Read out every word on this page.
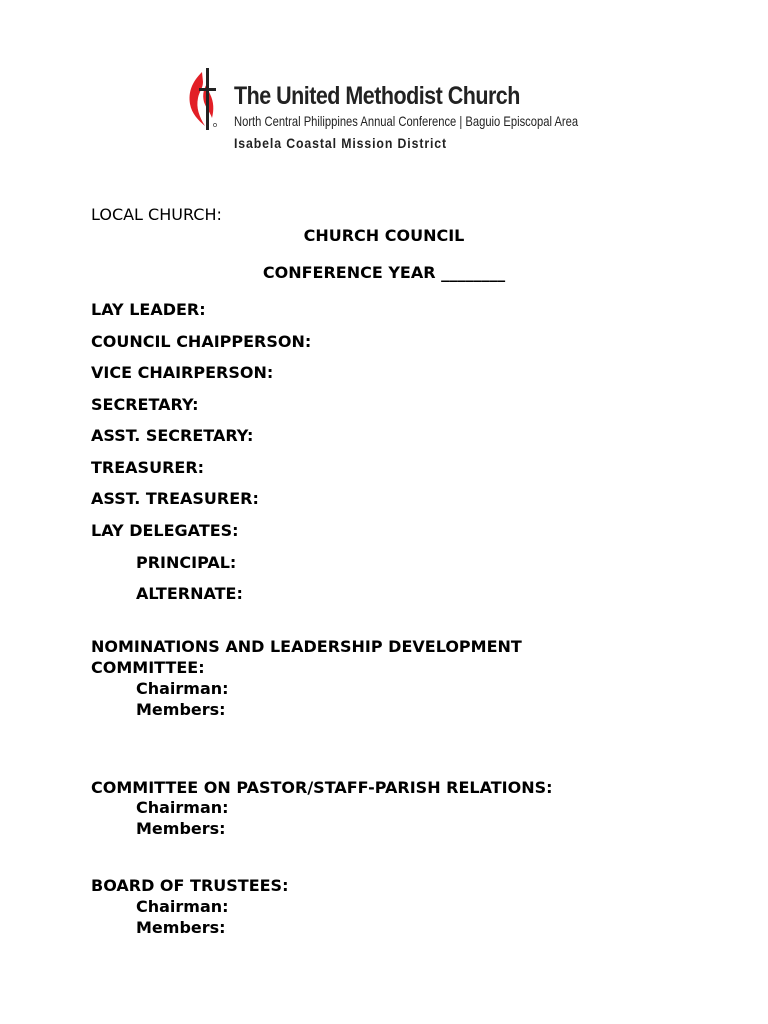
The United Methodist Church
North Central Philippines Annual Conference | Baguio Episcopal Area
Isabela Coastal Mission District
LOCAL CHURCH:
CHURCH COUNCIL
CONFERENCE YEAR ________
LAY LEADER:
COUNCIL CHAIPPERSON:
VICE CHAIRPERSON:
SECRETARY:
ASST. SECRETARY:
TREASURER:
ASST. TREASURER:
LAY DELEGATES:
PRINCIPAL:
ALTERNATE:
NOMINATIONS AND LEADERSHIP DEVELOPMENT
COMMITTEE:
Chairman:
Members:
COMMITTEE ON PASTOR/STAFF-PARISH RELATIONS:
Chairman:
Members:
BOARD OF TRUSTEES:
Chairman:
Members:
